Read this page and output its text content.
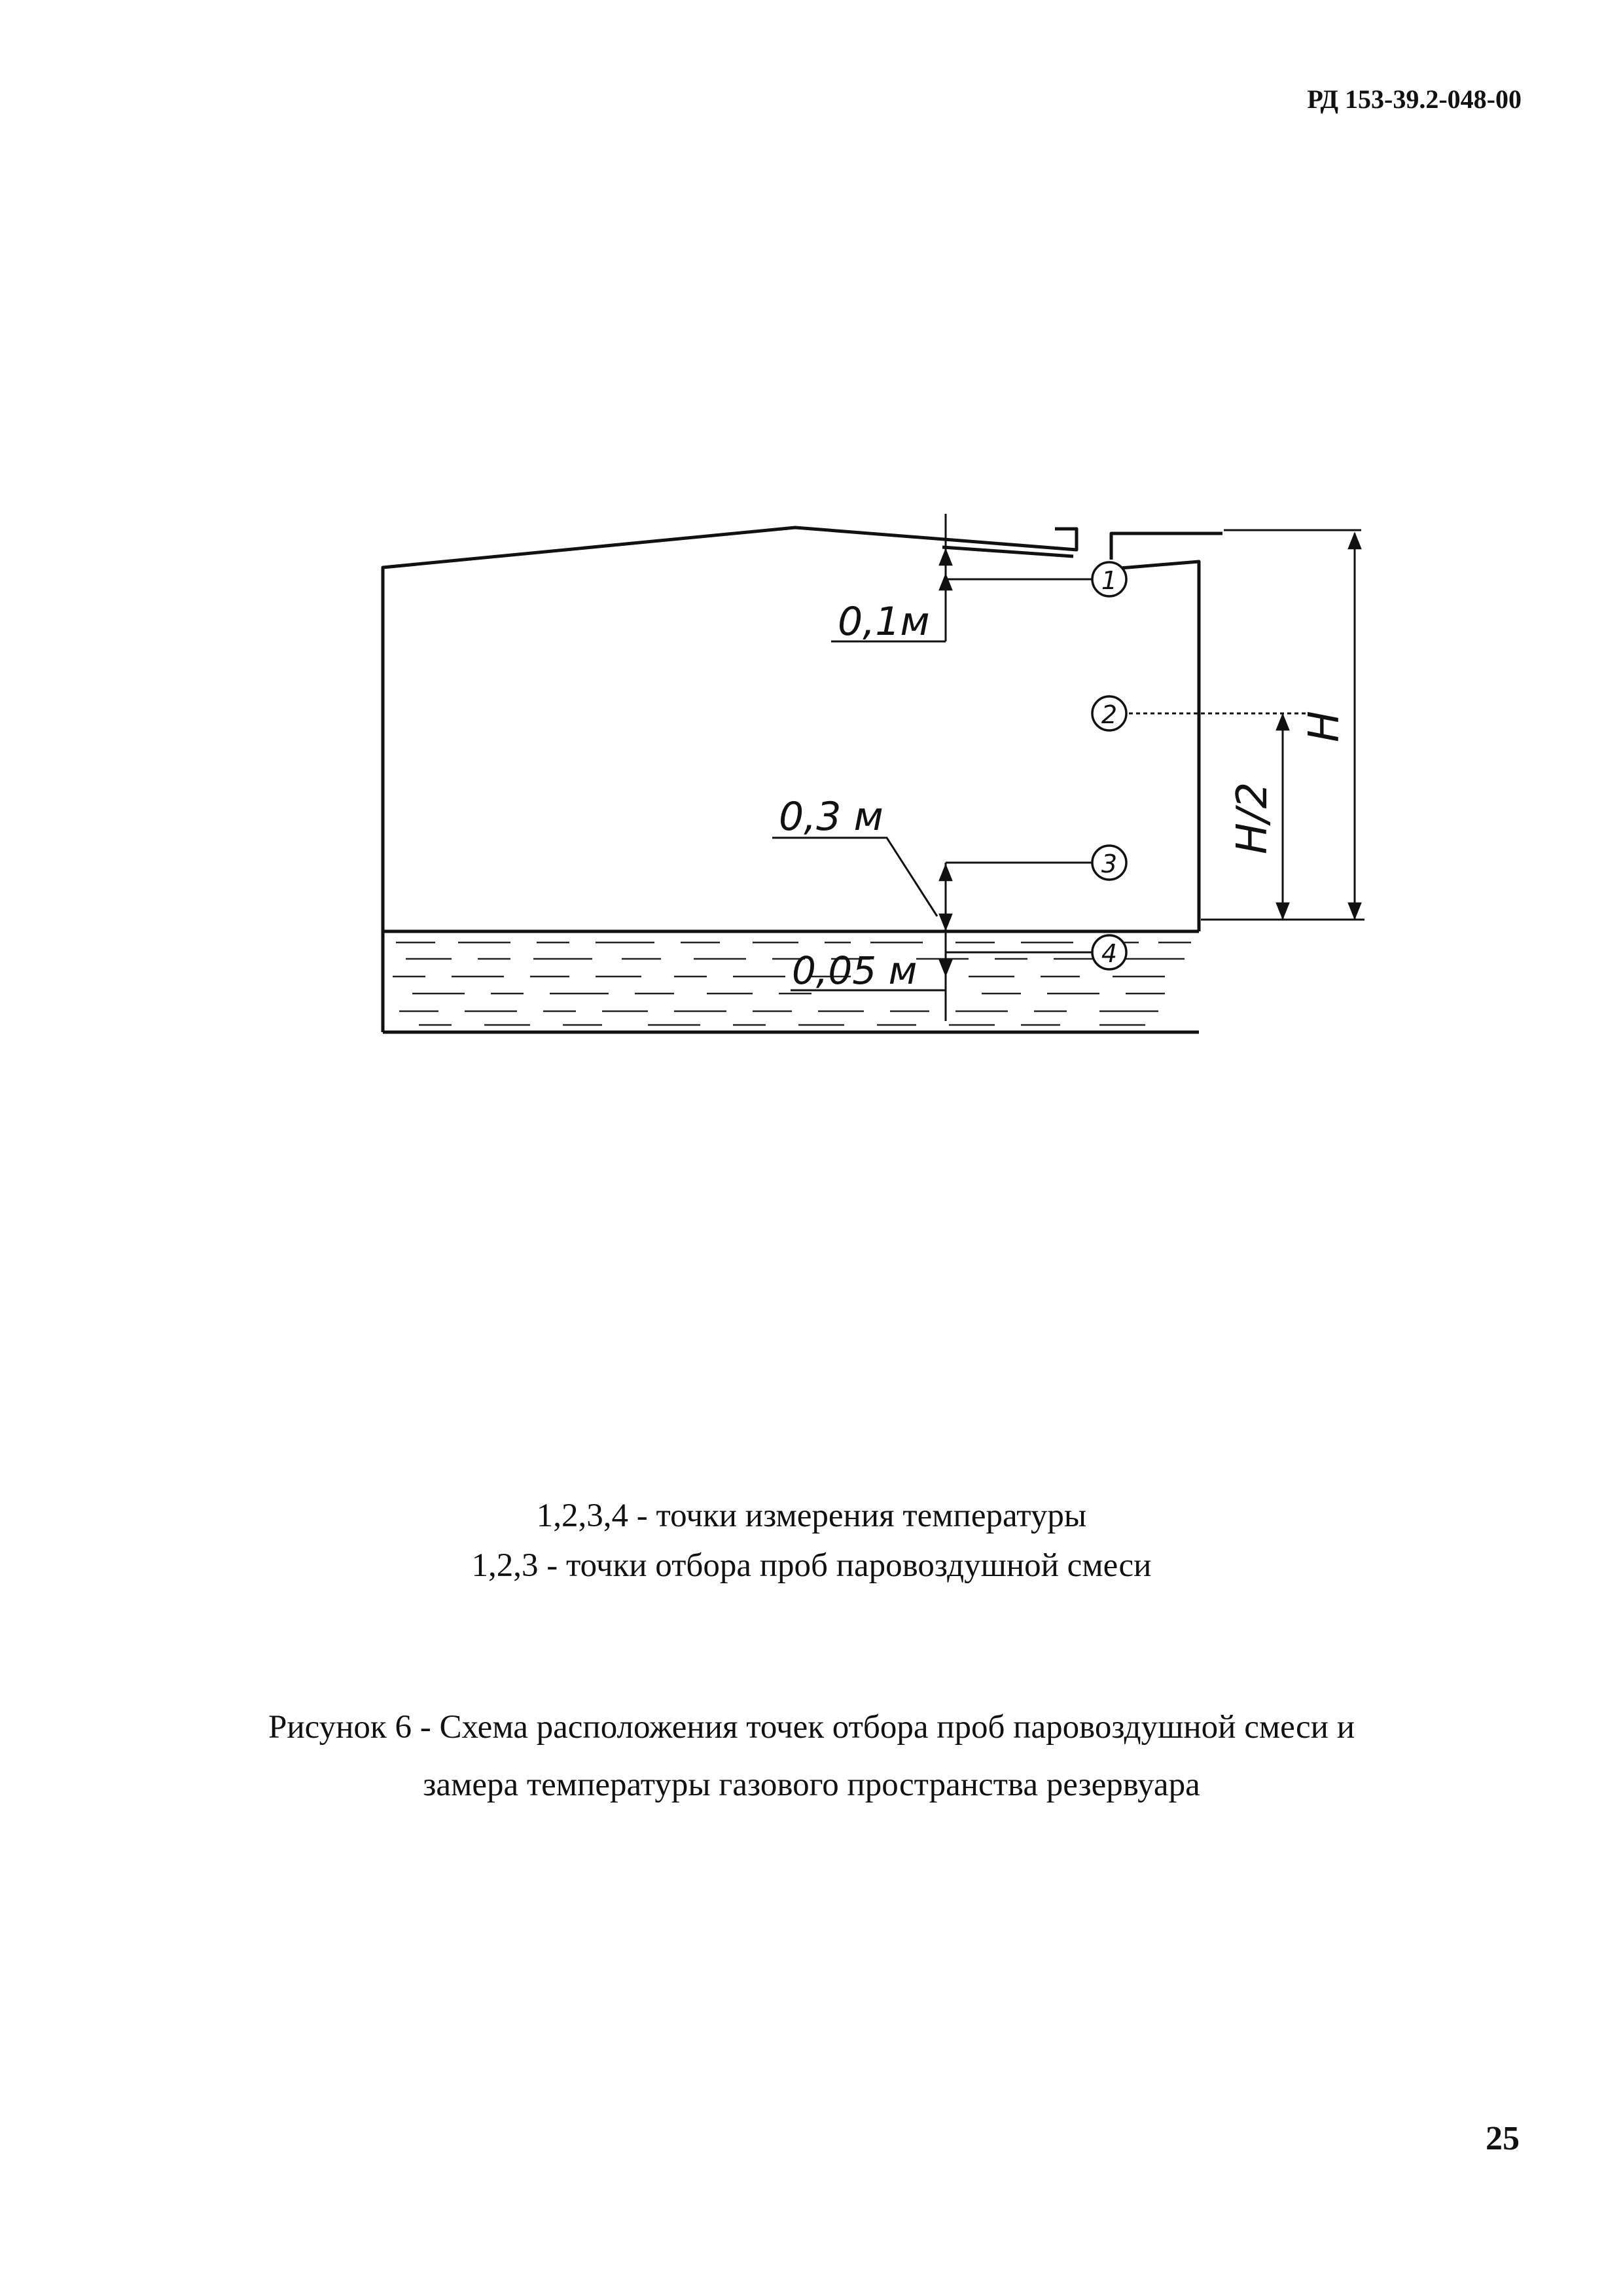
РД 153-39.2-048-00
1
2
3
4
0,1м
0,3 м
0,05 м
H/2
H
1,2,3,4 - точки измерения температуры
1,2,3 - точки отбора проб паровоздушной смеси
Рисунок 6 - Схема расположения точек отбора проб паровоздушной смеси и
замера температуры газового пространства резервуара
25
